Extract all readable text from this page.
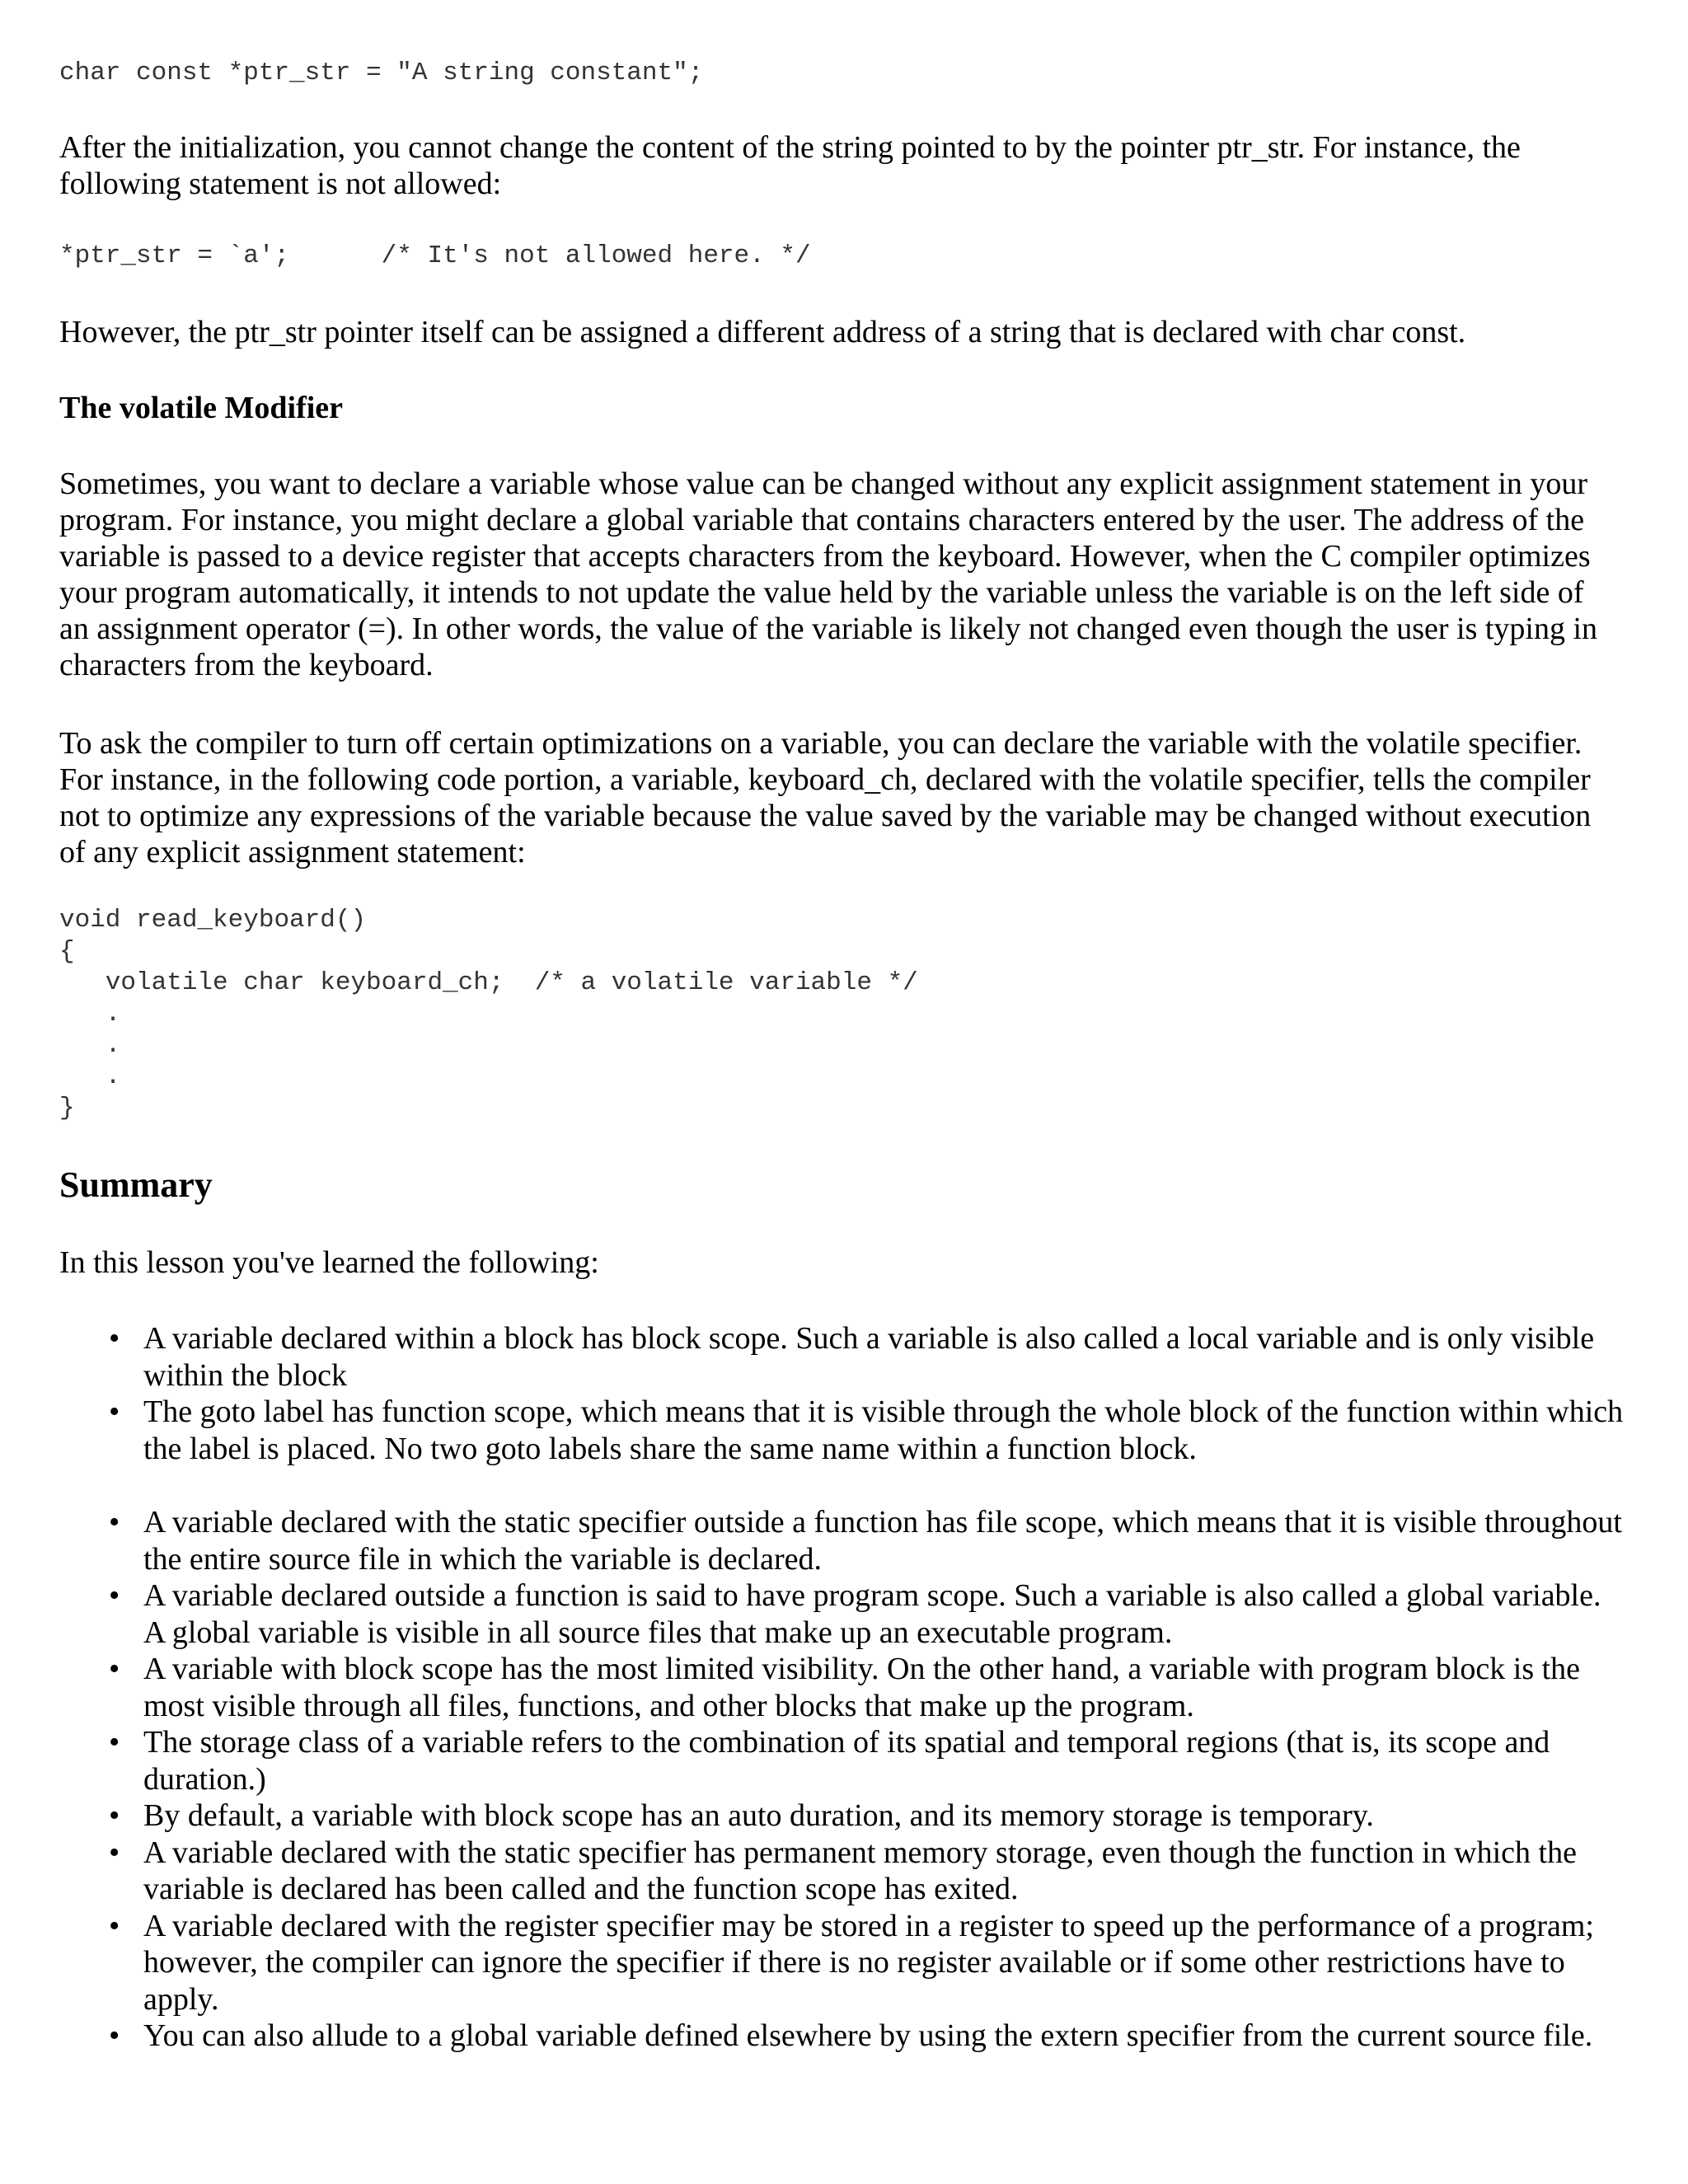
char const *ptr_str = "A string constant";

After the initialization, you cannot change the content of the string pointed to by the pointer ptr_str. For instance, the following statement is not allowed:

*ptr_str = `a';      /* It's not allowed here. */

However, the ptr_str pointer itself can be assigned a different address of a string that is declared with char const.

The volatile Modifier

Sometimes, you want to declare a variable whose value can be changed without any explicit assignment statement in your program. For instance, you might declare a global variable that contains characters entered by the user. The address of the variable is passed to a device register that accepts characters from the keyboard. However, when the C compiler optimizes your program automatically, it intends to not update the value held by the variable unless the variable is on the left side of an assignment operator (=). In other words, the value of the variable is likely not changed even though the user is typing in characters from the keyboard.

To ask the compiler to turn off certain optimizations on a variable, you can declare the variable with the volatile specifier. For instance, in the following code portion, a variable, keyboard_ch, declared with the volatile specifier, tells the compiler not to optimize any expressions of the variable because the value saved by the variable may be changed without execution of any explicit assignment statement:

void read_keyboard()
{
volatile char keyboard_ch;  /* a volatile variable */
.
.
.
}
Summary

In this lesson you've learned the following:

• A variable declared within a block has block scope. Such a variable is also called a local variable and is only visible within the block
• The goto label has function scope, which means that it is visible through the whole block of the function within which the label is placed. No two goto labels share the same name within a function block.
• A variable declared with the static specifier outside a function has file scope, which means that it is visible throughout the entire source file in which the variable is declared.
• A variable declared outside a function is said to have program scope. Such a variable is also called a global variable. A global variable is visible in all source files that make up an executable program.
• A variable with block scope has the most limited visibility. On the other hand, a variable with program block is the most visible through all files, functions, and other blocks that make up the program.
• The storage class of a variable refers to the combination of its spatial and temporal regions (that is, its scope and duration.)
• By default, a variable with block scope has an auto duration, and its memory storage is temporary.
• A variable declared with the static specifier has permanent memory storage, even though the function in which the variable is declared has been called and the function scope has exited.
• A variable declared with the register specifier may be stored in a register to speed up the performance of a program; however, the compiler can ignore the specifier if there is no register available or if some other restrictions have to apply.
• You can also allude to a global variable defined elsewhere by using the extern specifier from the current source file.
